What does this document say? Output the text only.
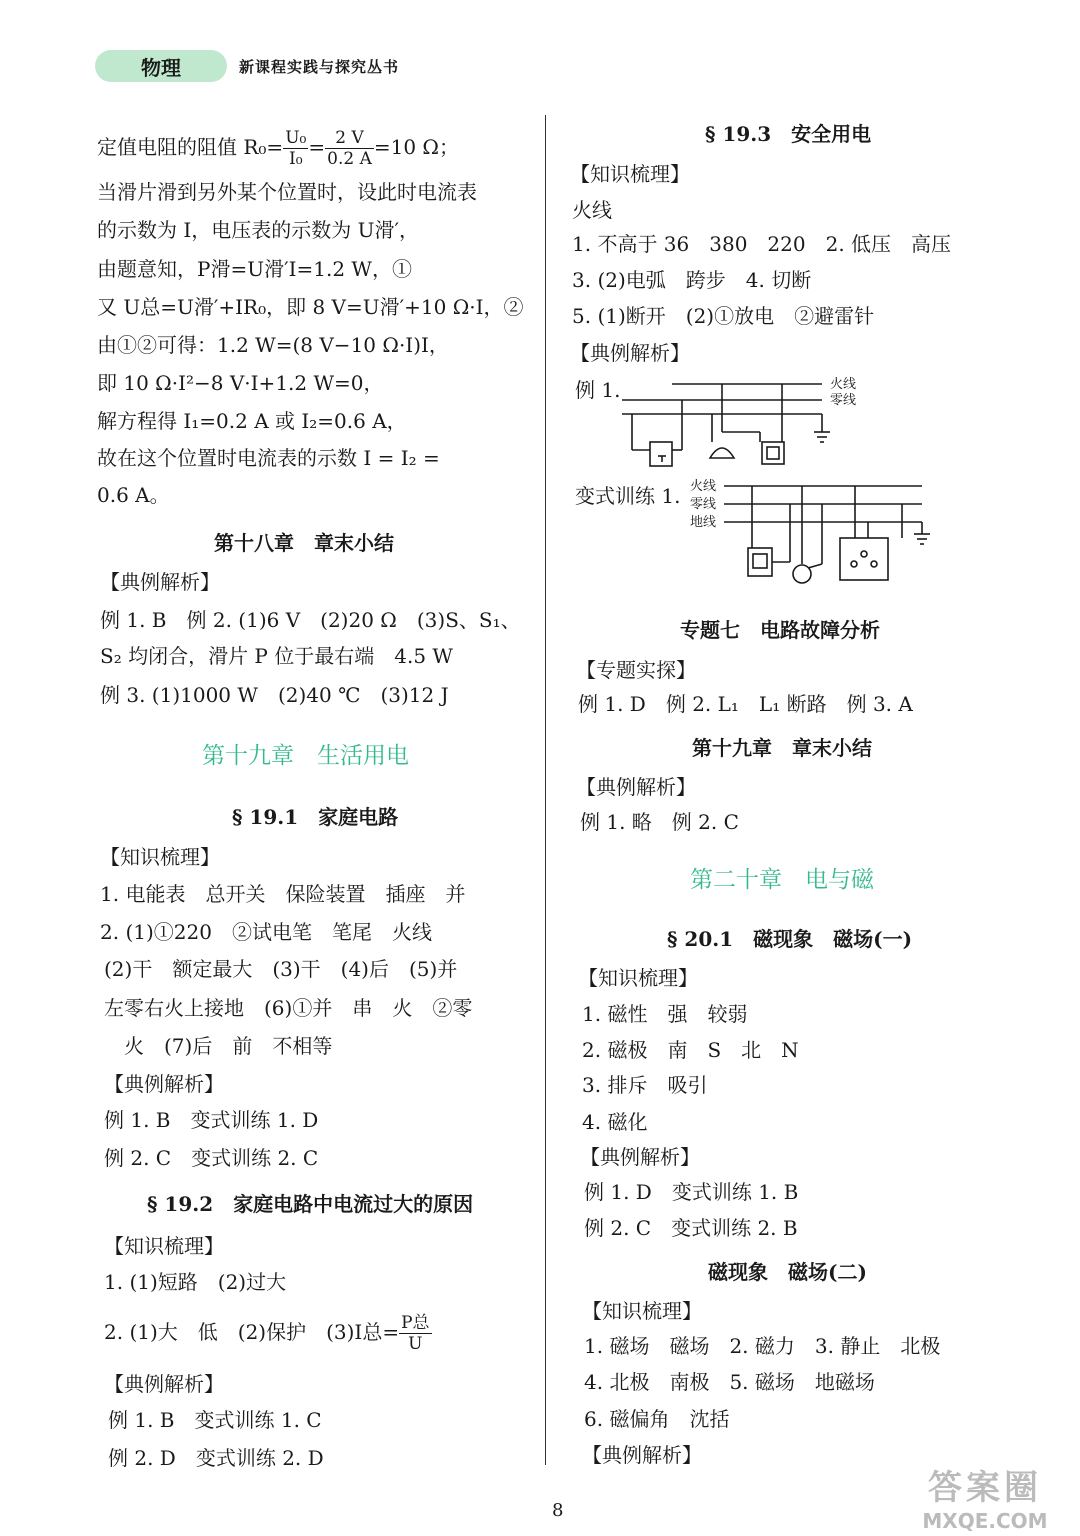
物理	新课程实践与探究丛书
定值电阻的阻值 $R_0= \frac{\text{U₀}}{\text{I₀}} = \frac{2 V}{0.2 A} =10$ Ω；
当滑片滑到另外某个位置时，设此时电流表
的示数为 I，电压表的示数为 U滑′，
由题意知，P滑=U滑′I=1.2 W，①
又 U总=U滑′+IR₀，即 8 V=U滑′+10 Ω·I，②
由①②可得：1.2 W=(8 V−10 Ω·I)I，
即 10 Ω·I²−8 V·I+1.2 W=0，
解方程得 I₁=0.2 A 或 I₂=0.6 A，
故在这个位置时电流表的示数 I = I₂ =
0.6 A。
第十八章　章末小结
【典例解析】
例 1. B　例 2. (1)6 V　(2)20 Ω　(3)S、S₁、
S₂ 均闭合，滑片 P 位于最右端　4.5 W
例 3. (1)1000 W　(2)40 ℃　(3)12 J
第十九章　生活用电
§ 19.1　家庭电路
【知识梳理】
1. 电能表　总开关　保险装置　插座　并
2. (1)①220　②试电笔　笔尾　火线
(2)干　额定最大　(3)干　(4)后　(5)并
左零右火上接地　(6)①并　串　火　②零
　火　(7)后　前　不相等
【典例解析】
例 1. B　变式训练 1. D
例 2. C　变式训练 2. C
§ 19.2　家庭电路中电流过大的原因
【知识梳理】
1. (1)短路　(2)过大
2. (1)大　低　(2)保护　(3)I总= $\frac{\text{P总}}{U}$
【典例解析】
例 1. B　变式训练 1. C
例 2. D　变式训练 2. D
§ 19.3　安全用电
【知识梳理】
火线
1. 不高于 36　380　220　2. 低压　高压
3. (2)电弧　跨步　4. 切断
5. (1)断开　(2)①放电　②避雷针
【典例解析】
例 1.	火线
零线
变式训练 1. 火线
零线
地线
专题七　电路故障分析
【专题实探】
例 1. D　例 2. L₁　L₁ 断路　例 3. A
第十九章　章末小结
【典例解析】
例 1. 略　例 2. C
第二十章　电与磁
§ 20.1　磁现象　磁场(一)
【知识梳理】
1. 磁性　强　较弱
2. 磁极　南　S　北　N
3. 排斥　吸引
4. 磁化
【典例解析】
例 1. D　变式训练 1. B
例 2. C　变式训练 2. B
磁现象　磁场(二)
【知识梳理】
1. 磁场　磁场　2. 磁力　3. 静止　北极
4. 北极　南极　5. 磁场　地磁场
6. 磁偏角　沈括
【典例解析】
8
答案圈
MXQE.COM
